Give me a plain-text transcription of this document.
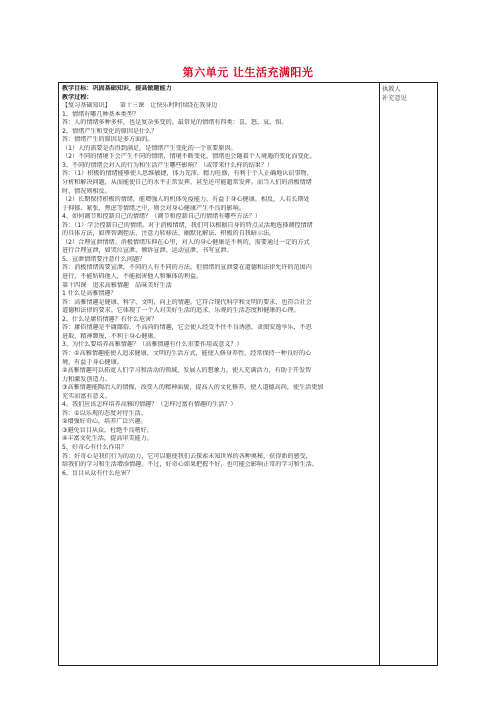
第六单元 让生活充满阳光
教学目标：巩固基础知识，提高做题能力
教学过程：
【复习基础知识】　　第十三课　让快乐时时围绕在我身边
1、情绪有哪几种基本类型？
答：人的情绪多种多样，也是复杂多变的。最常见的情绪有四类：喜、怒、哀、惧。
2、情绪产生和变化的原因是什么？
答：情绪产生的原因是多方面的。
（1）人的需要是否得到满足，是情绪产生变化的一个重要原因。
（2）不同的情境下会产生不同的情绪，情境不断变化，情绪也会随着个人境遇的变化而变化。
3、不同的情绪会对人的行为和生活产生哪些影响？（或带来什么样的结果？）
答：（1）积极的情绪能够使人思维敏捷，体力充沛，精力旺盛，有利于个人正确地认识事物、
分析和解决问题，从而能使自己的水平正常发挥，甚至还可能超常发挥。而当人们的消极情绪
时，情况则相反。
（2）长期保持积极的情绪，能增强人的机体免疫能力，有益于身心健康。相反，人若长期处
于抑郁、紧张、焦虑等情绪之中，则会对身心健康产生不良的影响。
4、如何调节和控制自己的情绪？（调节和控制自己的情绪有哪些方法？）
答：（1）学会控制自己的情绪。对于消极情绪，我们可以根据自身的特点灵活地选择调控情绪
的具体方法，如理智调控法、注意力转移法、幽默化解法、积极的自我暗示法。
（2）合理宣泄情绪。消极情绪压抑在心里，对人的身心健康是不利的，需要通过一定的方式
进行合理宣泄，如哭泣宣泄、倾诉宣泄、运动宣泄、书写宣泄。
5、宣泄情绪要注意什么问题？
答：消极情绪需要宣泄，不同的人有不同的方法，但情绪的宣泄要在道德和法律允许的范围内
进行，不能妨碍他人，不能损害他人和集体的利益。
第十四课　追求高雅情趣　品味美好生活
1 什么是高雅情趣？
答：高雅情趣是健康、科学、文明、向上的情趣。它符合现代科学和文明的要求，也符合社会
道德和法律的要求。它体现了一个人对美好生活的追求、乐观的生活态度和健康的心理。
2、什么是庸俗情趣？有什么危害？
答：庸俗情趣是平庸鄙俗、不高尚的情趣，它会使人经受不住不良诱惑，贪图安逸享乐，不思
进取，精神颓废，不利于身心健康。
3、为什么要培养高雅情趣？（高雅情趣有什么重要作用或意义？）
答：①高雅情趣能使人追求健康、文明的生活方式，能使人修身养性，经常保持一种良好的心
境，有益于身心健康。
②高雅情趣可以拓宽人们学习和活动的领域，发展人的想象力，使人充满活力，有助于开发智
力和激发创造力。
③高雅情趣能陶冶人的情操，改变人的精神面貌，提高人的文化修养，使人道德高尚，使生活更加
充实而富有意义。
4、我们应该怎样培养高雅的情趣？（怎样过富有情趣的生活？）
答：①以乐观的态度对待生活。
②增强好奇心，培养广泛兴趣。
③避免盲目从众，杜绝不良嗜好。
④丰富文化生活，提高审美能力。
5、好奇心有什么作用？
答：好奇心是我们行为的动力，它可以驱使我们去探索未知世界的各种奥秘，获得新的感受，
给我们的学习和生活增添情趣。不过，好奇心如果把握不好，也可能会影响正常的学习和生活。
6、盲目从众有什么危害？
执教人
补充意见
